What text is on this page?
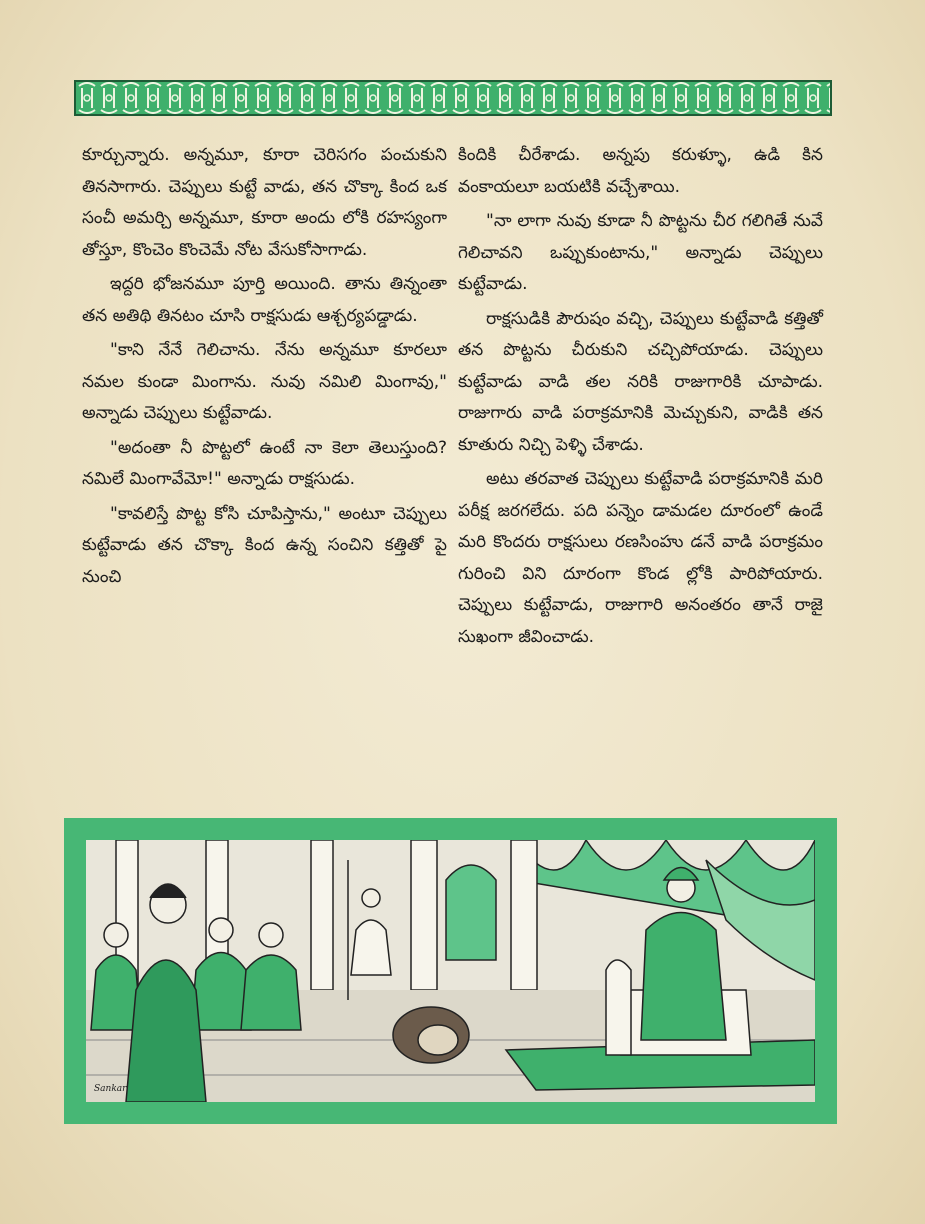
కూర్చున్నారు. అన్నమూ, కూరా చెరిసగం పంచుకుని తినసాగారు. చెప్పులు కుట్టే వాడు, తన చొక్కా కింద ఒక సంచీ అమర్చి అన్నమూ, కూరా అందు లోకి రహస్యంగా తోస్తూ, కొంచెం కొంచెమే నోట వేసుకోసాగాడు.

ఇద్దరి భోజనమూ పూర్తి అయింది. తాను తిన్నంతా తన అతిథి తినటం చూసి రాక్షసుడు ఆశ్చర్యపడ్డాడు.

"కాని నేనే గెలిచాను. నేను అన్నమూ కూరలూ నమల కుండా మింగాను. నువు నమిలి మింగావు," అన్నాడు చెప్పులు కుట్టేవాడు.

"అదంతా నీ పొట్టలో ఉంటే నా కెలా తెలుస్తుంది? నమిలే మింగావేమో!" అన్నాడు రాక్షసుడు.

"కావలిస్తే పొట్ట కోసి చూపిస్తాను," అంటూ చెప్పులు కుట్టేవాడు తన చొక్కా కింద ఉన్న సంచిని కత్తితో పై నుంచి

కిందికి చీరేశాడు. అన్నపు కరుళ్ళూ, ఉడి కిన వంకాయలూ బయటికి వచ్చేశాయి.

"నా లాగా నువు కూడా నీ పొట్టను చీర గలిగితే నువే గెలిచావని ఒప్పుకుంటాను," అన్నాడు చెప్పులు కుట్టేవాడు.

రాక్షసుడికి పౌరుషం వచ్చి, చెప్పులు కుట్టేవాడి కత్తితో తన పొట్టను చీరుకుని చచ్చిపోయాడు. చెప్పులు కుట్టేవాడు వాడి తల నరికి రాజుగారికి చూపాడు. రాజుగారు వాడి పరాక్రమానికి మెచ్చుకుని, వాడికి తన కూతురు నిచ్చి పెళ్ళి చేశాడు.

అటు తరవాత చెప్పులు కుట్టేవాడి పరాక్రమానికి మరి పరీక్ష జరగలేదు. పది పన్నెం డామడల దూరంలో ఉండే మరి కొందరు రాక్షసులు రణసింహు డనే వాడి పరాక్రమం గురించి విని దూరంగా కొండ ల్లోకి పారిపోయారు. చెప్పులు కుట్టేవాడు, రాజుగారి అనంతరం తానే రాజై సుఖంగా జీవించాడు.

Sankar
